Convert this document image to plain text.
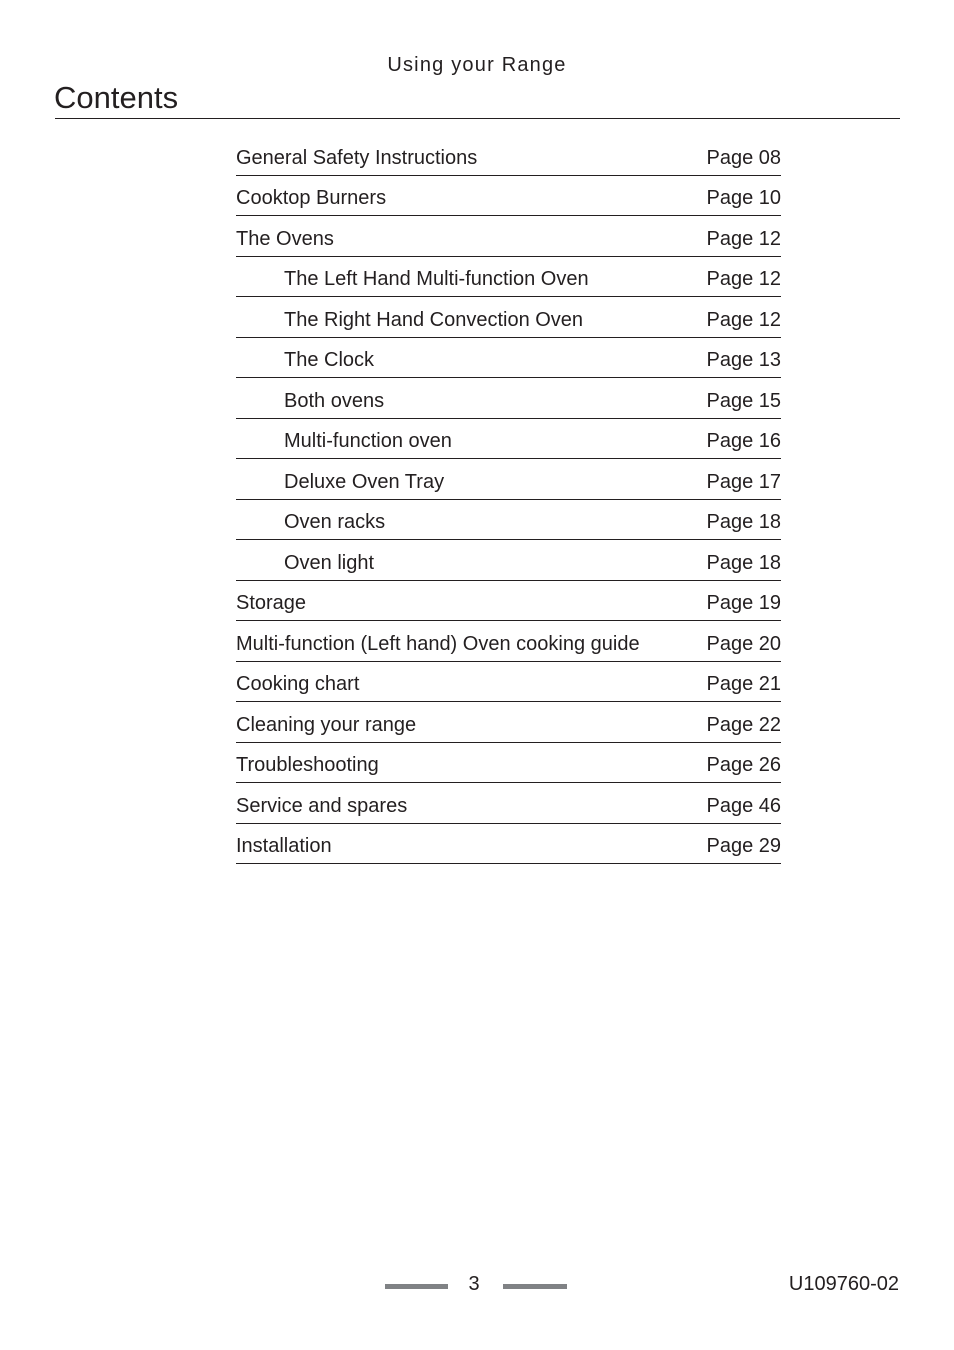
Using your Range
Contents
General Safety Instructions	Page 08
Cooktop Burners	Page 10
The Ovens	Page 12
The Left Hand Multi-function Oven	Page 12
The Right Hand Convection Oven	Page 12
The Clock	Page 13
Both ovens	Page 15
Multi-function oven	Page 16
Deluxe Oven Tray	Page 17
Oven racks	Page 18
Oven light	Page 18
Storage	Page 19
Multi-function (Left hand) Oven cooking guide	Page 20
Cooking chart	Page 21
Cleaning your range	Page 22
Troubleshooting	Page 26
Service and spares	Page 46
Installation	Page 29
3	U109760-02
